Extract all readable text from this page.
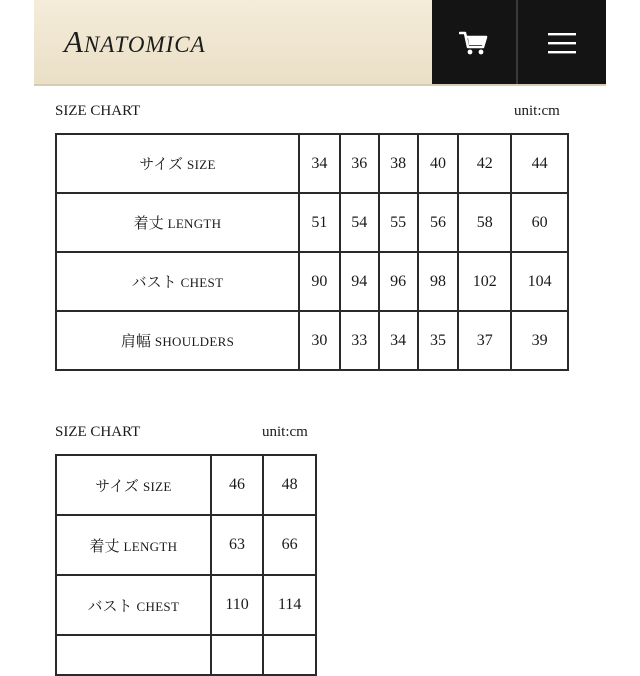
ANATOMICA
SIZE CHART	unit:cm
サイズ SIZE	34	36	38	40	42	44
着丈 LENGTH	51	54	55	56	58	60
バスト CHEST	90	94	96	98	102	104
肩幅 SHOULDERS	30	33	34	35	37	39
SIZE CHART	unit:cm
サイズ SIZE	46	48
着丈 LENGTH	63	66
バスト CHEST	110	114
